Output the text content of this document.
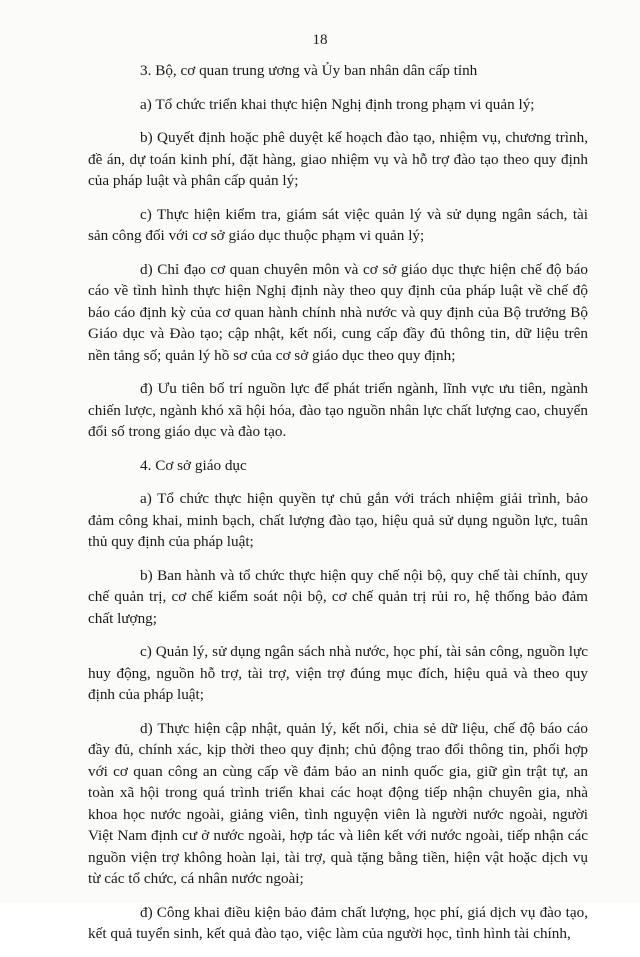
18

3. Bộ, cơ quan trung ương và Ủy ban nhân dân cấp tỉnh

a) Tổ chức triển khai thực hiện Nghị định trong phạm vi quản lý;

b) Quyết định hoặc phê duyệt kế hoạch đào tạo, nhiệm vụ, chương trình, đề án, dự toán kinh phí, đặt hàng, giao nhiệm vụ và hỗ trợ đào tạo theo quy định của pháp luật và phân cấp quản lý;

c) Thực hiện kiểm tra, giám sát việc quản lý và sử dụng ngân sách, tài sản công đối với cơ sở giáo dục thuộc phạm vi quản lý;

d) Chỉ đạo cơ quan chuyên môn và cơ sở giáo dục thực hiện chế độ báo cáo về tình hình thực hiện Nghị định này theo quy định của pháp luật về chế độ báo cáo định kỳ của cơ quan hành chính nhà nước và quy định của Bộ trưởng Bộ Giáo dục và Đào tạo; cập nhật, kết nối, cung cấp đầy đủ thông tin, dữ liệu trên nền tảng số; quản lý hồ sơ của cơ sở giáo dục theo quy định;

đ) Ưu tiên bố trí nguồn lực để phát triển ngành, lĩnh vực ưu tiên, ngành chiến lược, ngành khó xã hội hóa, đào tạo nguồn nhân lực chất lượng cao, chuyển đổi số trong giáo dục và đào tạo.

4. Cơ sở giáo dục

a) Tổ chức thực hiện quyền tự chủ gắn với trách nhiệm giải trình, bảo đảm công khai, minh bạch, chất lượng đào tạo, hiệu quả sử dụng nguồn lực, tuân thủ quy định của pháp luật;

b) Ban hành và tổ chức thực hiện quy chế nội bộ, quy chế tài chính, quy chế quản trị, cơ chế kiểm soát nội bộ, cơ chế quản trị rủi ro, hệ thống bảo đảm chất lượng;

c) Quản lý, sử dụng ngân sách nhà nước, học phí, tài sản công, nguồn lực huy động, nguồn hỗ trợ, tài trợ, viện trợ đúng mục đích, hiệu quả và theo quy định của pháp luật;

d) Thực hiện cập nhật, quản lý, kết nối, chia sẻ dữ liệu, chế độ báo cáo đầy đủ, chính xác, kịp thời theo quy định; chủ động trao đổi thông tin, phối hợp với cơ quan công an cùng cấp về đảm bảo an ninh quốc gia, giữ gìn trật tự, an toàn xã hội trong quá trình triển khai các hoạt động tiếp nhận chuyên gia, nhà khoa học nước ngoài, giảng viên, tình nguyện viên là người nước ngoài, người Việt Nam định cư ở nước ngoài, hợp tác và liên kết với nước ngoài, tiếp nhận các nguồn viện trợ không hoàn lại, tài trợ, quà tặng bằng tiền, hiện vật hoặc dịch vụ từ các tổ chức, cá nhân nước ngoài;

đ) Công khai điều kiện bảo đảm chất lượng, học phí, giá dịch vụ đào tạo, kết quả tuyển sinh, kết quả đào tạo, việc làm của người học, tình hình tài chính,
